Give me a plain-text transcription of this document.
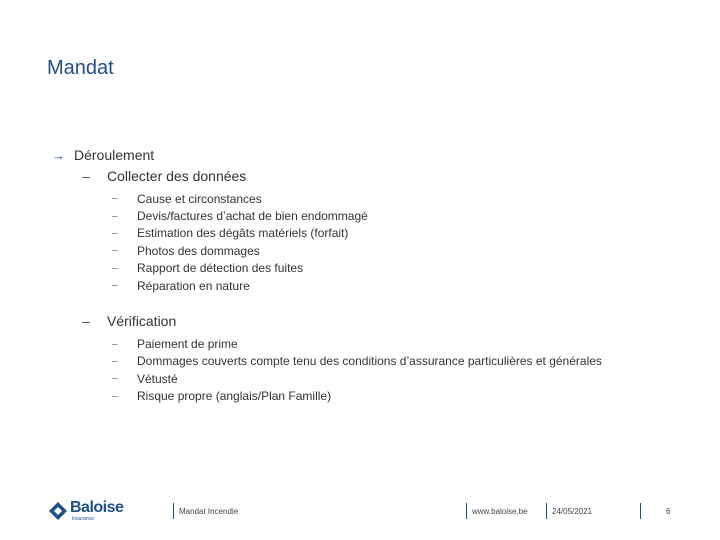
Mandat
→ Déroulement
–	Collecter des données
–	Cause et circonstances
–	Devis/factures d’achat de bien endommagé
–	Estimation des dégâts matériels (forfait)
–	Photos des dommages
–	Rapport de détection des fuites
–	Réparation en nature
–	Vérification
–	Paiement de prime
–	Dommages couverts compte tenu des conditions d’assurance particulières et générales
–	Vétusté
–	Risque propre (anglais/Plan Famille)
Baloise
Insurance
Mandat Incendie	www.baloise.be	24/05/2021	6
